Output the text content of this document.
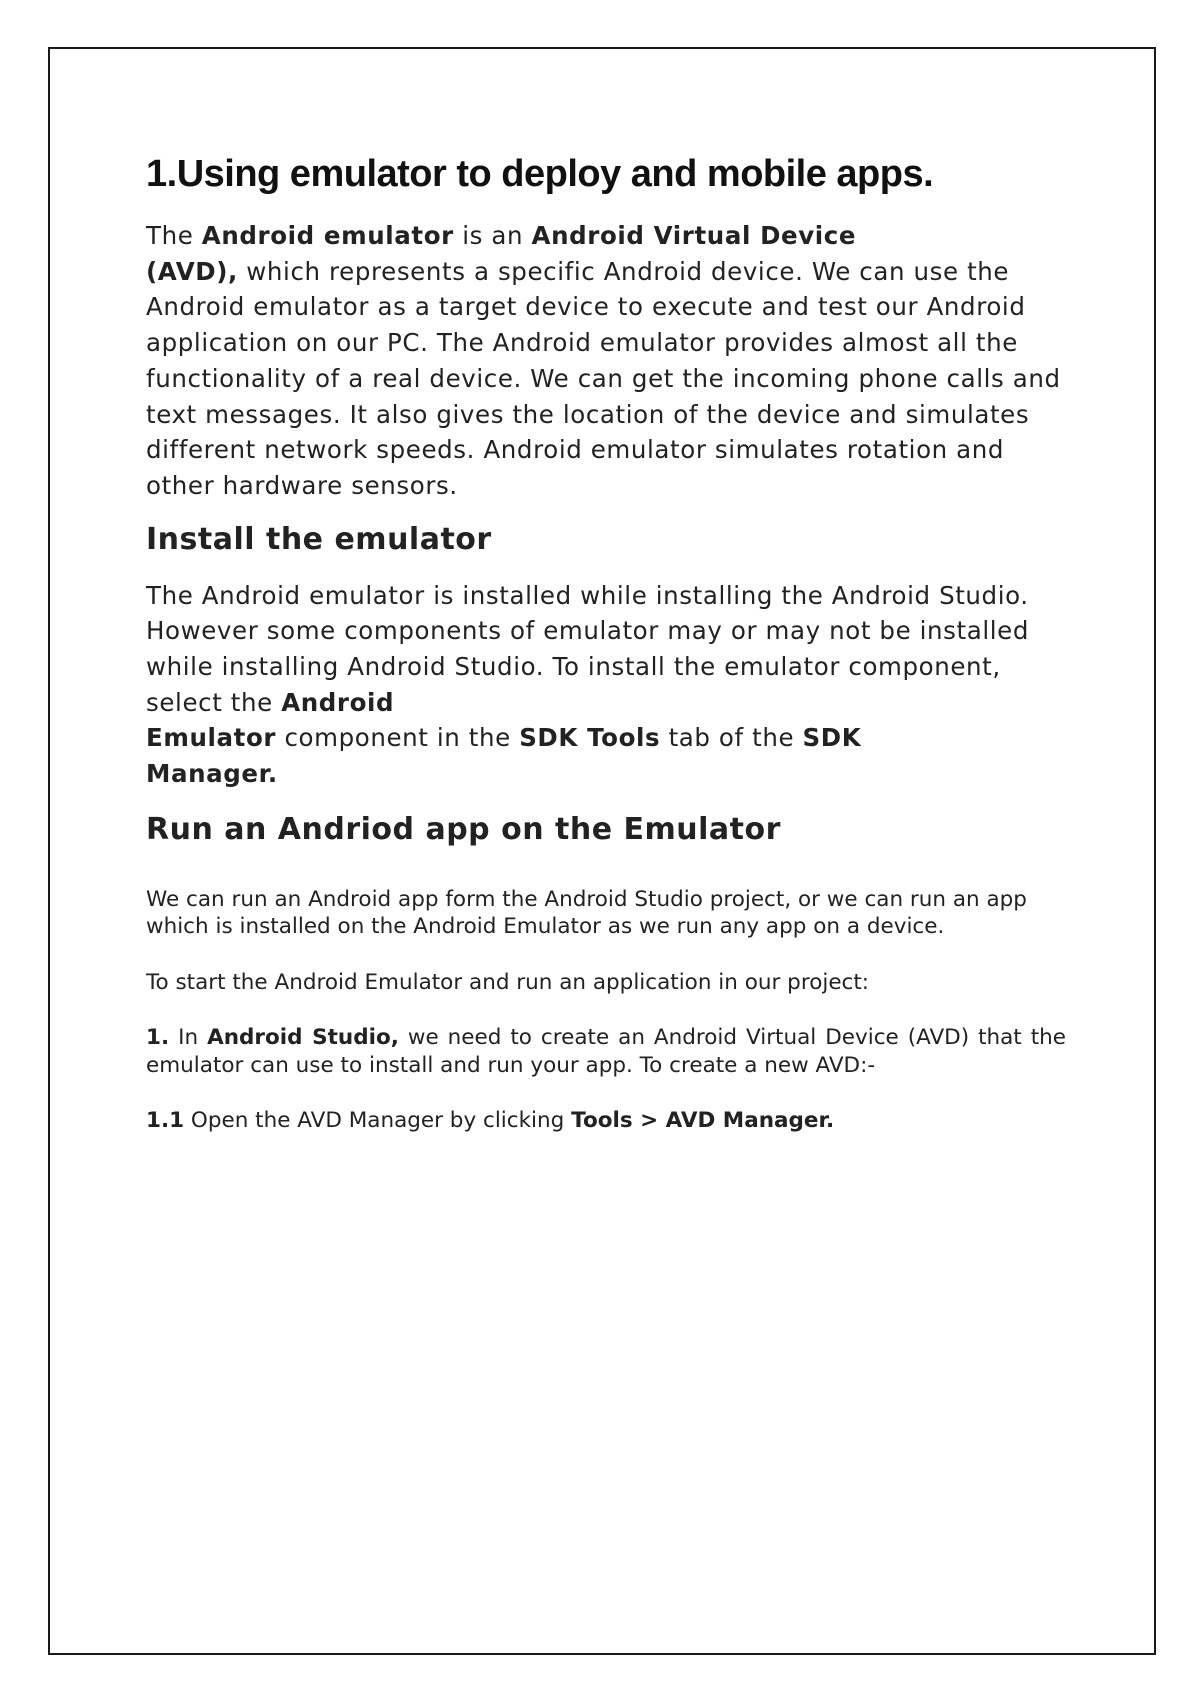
1.Using emulator to deploy and mobile apps.

The Android emulator is an Android Virtual Device
(AVD), which represents a specific Android device. We can use the Android emulator as a target device to execute and test our Android application on our PC. The Android emulator provides almost all the functionality of a real device. We can get the incoming phone calls and text messages. It also gives the location of the device and simulates different network speeds. Android emulator simulates rotation and other hardware sensors.

Install the emulator

The Android emulator is installed while installing the Android Studio. However some components of emulator may or may not be installed while installing Android Studio. To install the emulator component, select the Android
Emulator component in the SDK Tools tab of the SDK
Manager.

Run an Andriod app on the Emulator

We can run an Android app form the Android Studio project, or we can run an app which is installed on the Android Emulator as we run any app on a device.

To start the Android Emulator and run an application in our project:

1. In Android Studio, we need to create an Android Virtual Device (AVD) that the emulator can use to install and run your app. To create a new AVD:-

1.1 Open the AVD Manager by clicking Tools > AVD Manager.
